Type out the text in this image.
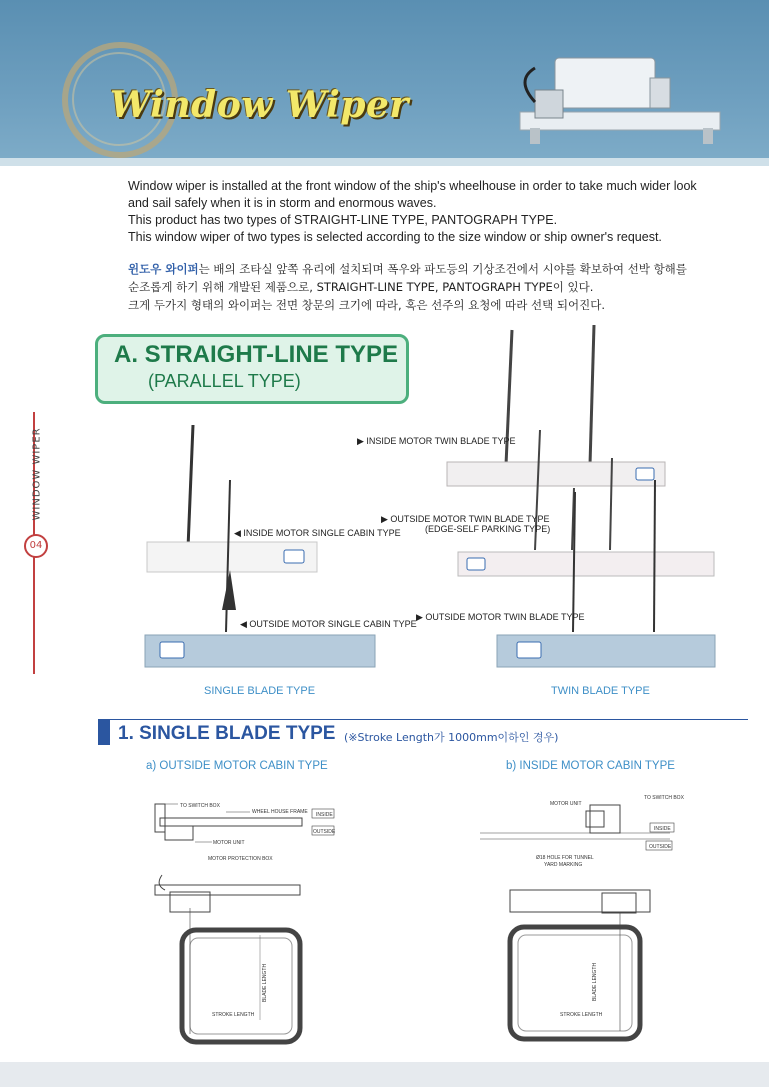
Window Wiper

Window wiper is installed at the front window of the ship's wheelhouse in order to take much wider look and sail safely when it is in storm and enormous waves.

This product has two types of STRAIGHT-LINE TYPE, PANTOGRAPH TYPE.

This window wiper of two types is selected according to the size window or ship owner's request.

윈도우 와이퍼는 배의 조타실 앞쪽 유리에 설치되며 폭우와 파도등의 기상조건에서 시야를 확보하여 선박 항해를

순조롭게 하기 위해 개발된 제품으로, STRAIGHT-LINE TYPE, PANTOGRAPH TYPE이 있다.

크게 두가지 형태의 와이퍼는 전면 창문의 크기에 따라, 혹은 선주의 요청에 따라 선택 되어진다.

WINDOW WIPER
04
A. STRAIGHT-LINE TYPE
(PARALLEL TYPE)
▶ INSIDE MOTOR TWIN BLADE TYPE
▶ OUTSIDE MOTOR TWIN BLADE TYPE
(EDGE-SELF PARKING TYPE)
◀ INSIDE MOTOR SINGLE CABIN TYPE
◀ OUTSIDE MOTOR SINGLE CABIN TYPE
▶ OUTSIDE MOTOR TWIN BLADE TYPE
SINGLE BLADE TYPE	TWIN BLADE TYPE
1. SINGLE BLADE TYPE (※Stroke Length가 1000mm이하인 경우)
a) OUTSIDE MOTOR CABIN TYPE	b) INSIDE MOTOR CABIN TYPE
TO SWITCH BOX
WHEEL HOUSE FRAME INSIDE
OUTSIDE
MOTOR UNIT
MOTOR PROTECTION BOX
BLADE LENGTH
STROKE LENGTH
MOTOR UNIT
TO SWITCH BOX
INSIDE
OUTSIDE
Ø18 HOLE FOR TUNNEL
YARD MARKING
BLADE LENGTH
STROKE LENGTH
